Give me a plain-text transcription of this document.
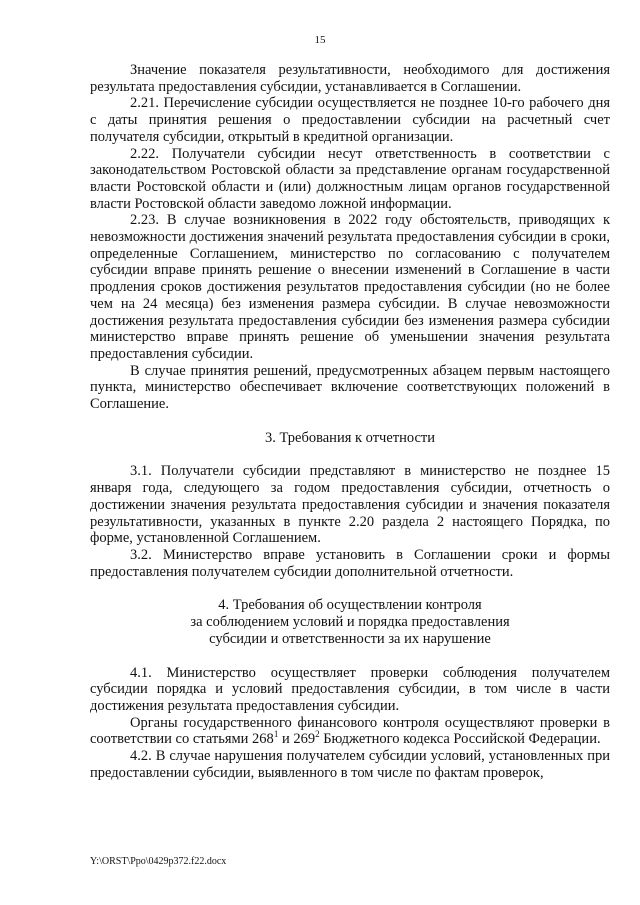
15

Значение показателя результативности, необходимого для достижения результата предоставления субсидии, устанавливается в Соглашении.

2.21. Перечисление субсидии осуществляется не позднее 10-го рабочего дня с даты принятия решения о предоставлении субсидии на расчетный счет получателя субсидии, открытый в кредитной организации.

2.22. Получатели субсидии несут ответственность в соответствии с законодательством Ростовской области за представление органам государственной власти Ростовской области и (или) должностным лицам органов государственной власти Ростовской области заведомо ложной информации.

2.23. В случае возникновения в 2022 году обстоятельств, приводящих к невозможности достижения значений результата предоставления субсидии в сроки, определенные Соглашением, министерство по согласованию с получателем субсидии вправе принять решение о внесении изменений в Соглашение в части продления сроков достижения результатов предоставления субсидии (но не более чем на 24 месяца) без изменения размера субсидии. В случае невозможности достижения результата предоставления субсидии без изменения размера субсидии министерство вправе принять решение об уменьшении значения результата предоставления субсидии.

В случае принятия решений, предусмотренных абзацем первым настоящего пункта, министерство обеспечивает включение соответствующих положений в Соглашение.

3. Требования к отчетности

3.1. Получатели субсидии представляют в министерство не позднее 15 января года, следующего за годом предоставления субсидии, отчетность о достижении значения результата предоставления субсидии и значения показателя результативности, указанных в пункте 2.20 раздела 2 настоящего Порядка, по форме, установленной Соглашением.

3.2. Министерство вправе установить в Соглашении сроки и формы предоставления получателем субсидии дополнительной отчетности.

4. Требования об осуществлении контроля
за соблюдением условий и порядка предоставления
субсидии и ответственности за их нарушение

4.1. Министерство осуществляет проверки соблюдения получателем субсидии порядка и условий предоставления субсидии, в том числе в части достижения результата предоставления субсидии.

Органы государственного финансового контроля осуществляют проверки в соответствии со статьями $268^1$ и $269^2$ Бюджетного кодекса Российской Федерации.

4.2. В случае нарушения получателем субсидии условий, установленных при предоставлении субсидии, выявленного в том числе по фактам проверок,

Y:\ORST\Ppo\0429p372.f22.docx
